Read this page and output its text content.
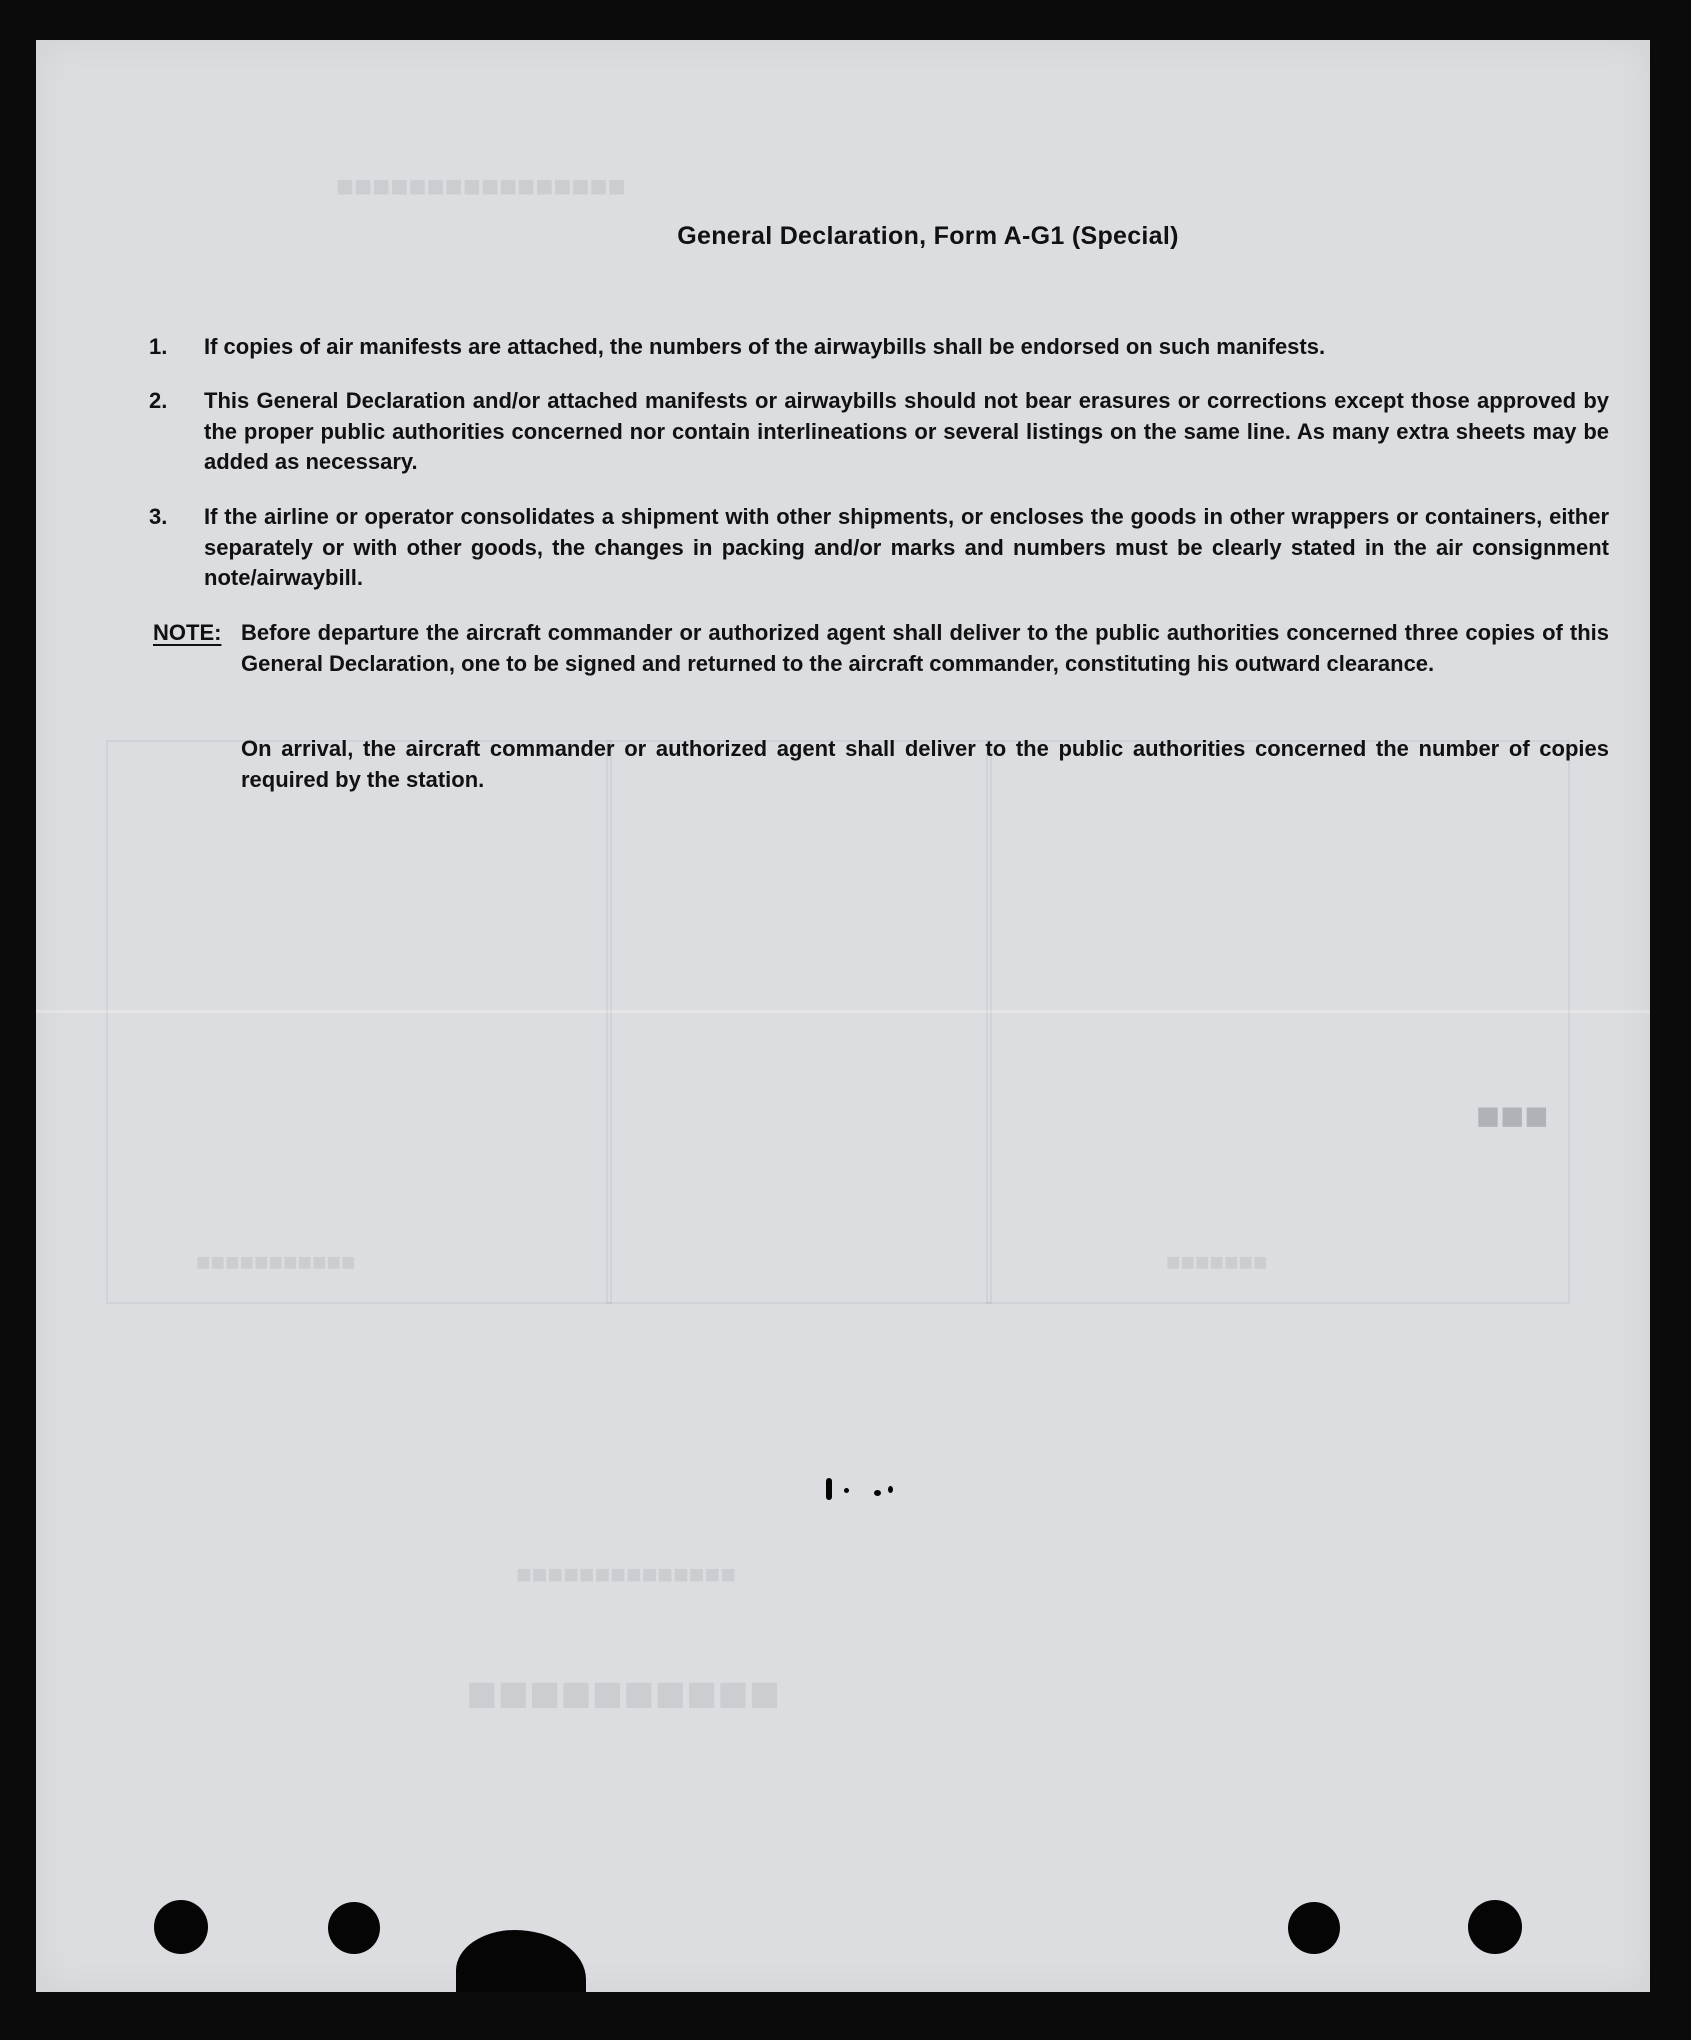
■■■■■■■■■■
■■■■■■■■■■■■■■
■■■■■■■■■■■	■■■■■■■
■■■■■■■■■■■■■■■■
■■■
General Declaration, Form A-G1 (Special)
1.	If copies of air manifests are attached, the numbers of the airwaybills shall be endorsed on such manifests.
2.	This General Declaration and/or attached manifests or airwaybills should not bear erasures or corrections except those approved by the proper public authorities concerned nor contain interlineations or several listings on the same line. As many extra sheets may be added as necessary.
3.	If the airline or operator consolidates a shipment with other shipments, or encloses the goods in other wrappers or containers, either separately or with other goods, the changes in packing and/or marks and numbers must be clearly stated in the air consignment note/airwaybill.
NOTE: Before departure the aircraft commander or authorized agent shall deliver to the public authorities concerned three copies of this General Declaration, one to be signed and returned to the aircraft commander, constituting his outward clearance.
On arrival, the aircraft commander or authorized agent shall deliver to the public authorities concerned the number of copies required by the station.
